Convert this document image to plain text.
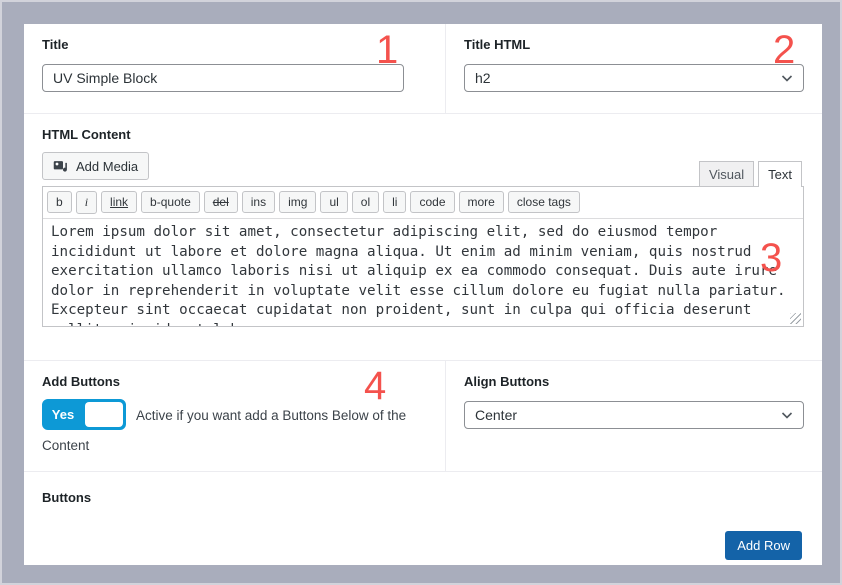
1	2
3
4
Title
UV Simple Block	Title HTML
h2
HTML Content
Add Media
Visual	Text
b i link b-quote del ins img ul ol li code more close tags
Lorem ipsum dolor sit amet, consectetur adipiscing elit, sed do eiusmod tempor incididunt ut labore et dolore magna aliqua. Ut enim ad minim veniam, quis nostrud exercitation ullamco laboris nisi ut aliquip ex ea commodo consequat. Duis aute irure dolor in reprehenderit in voluptate velit esse cillum dolore eu fugiat nulla pariatur. Excepteur sint occaecat cupidatat non proident, sunt in culpa qui officia deserunt mollit anim id est laborum.
Add Buttons
Yes	Active if you want add a Buttons Below of the Content
Align Buttons
Center
Buttons
Add Row
